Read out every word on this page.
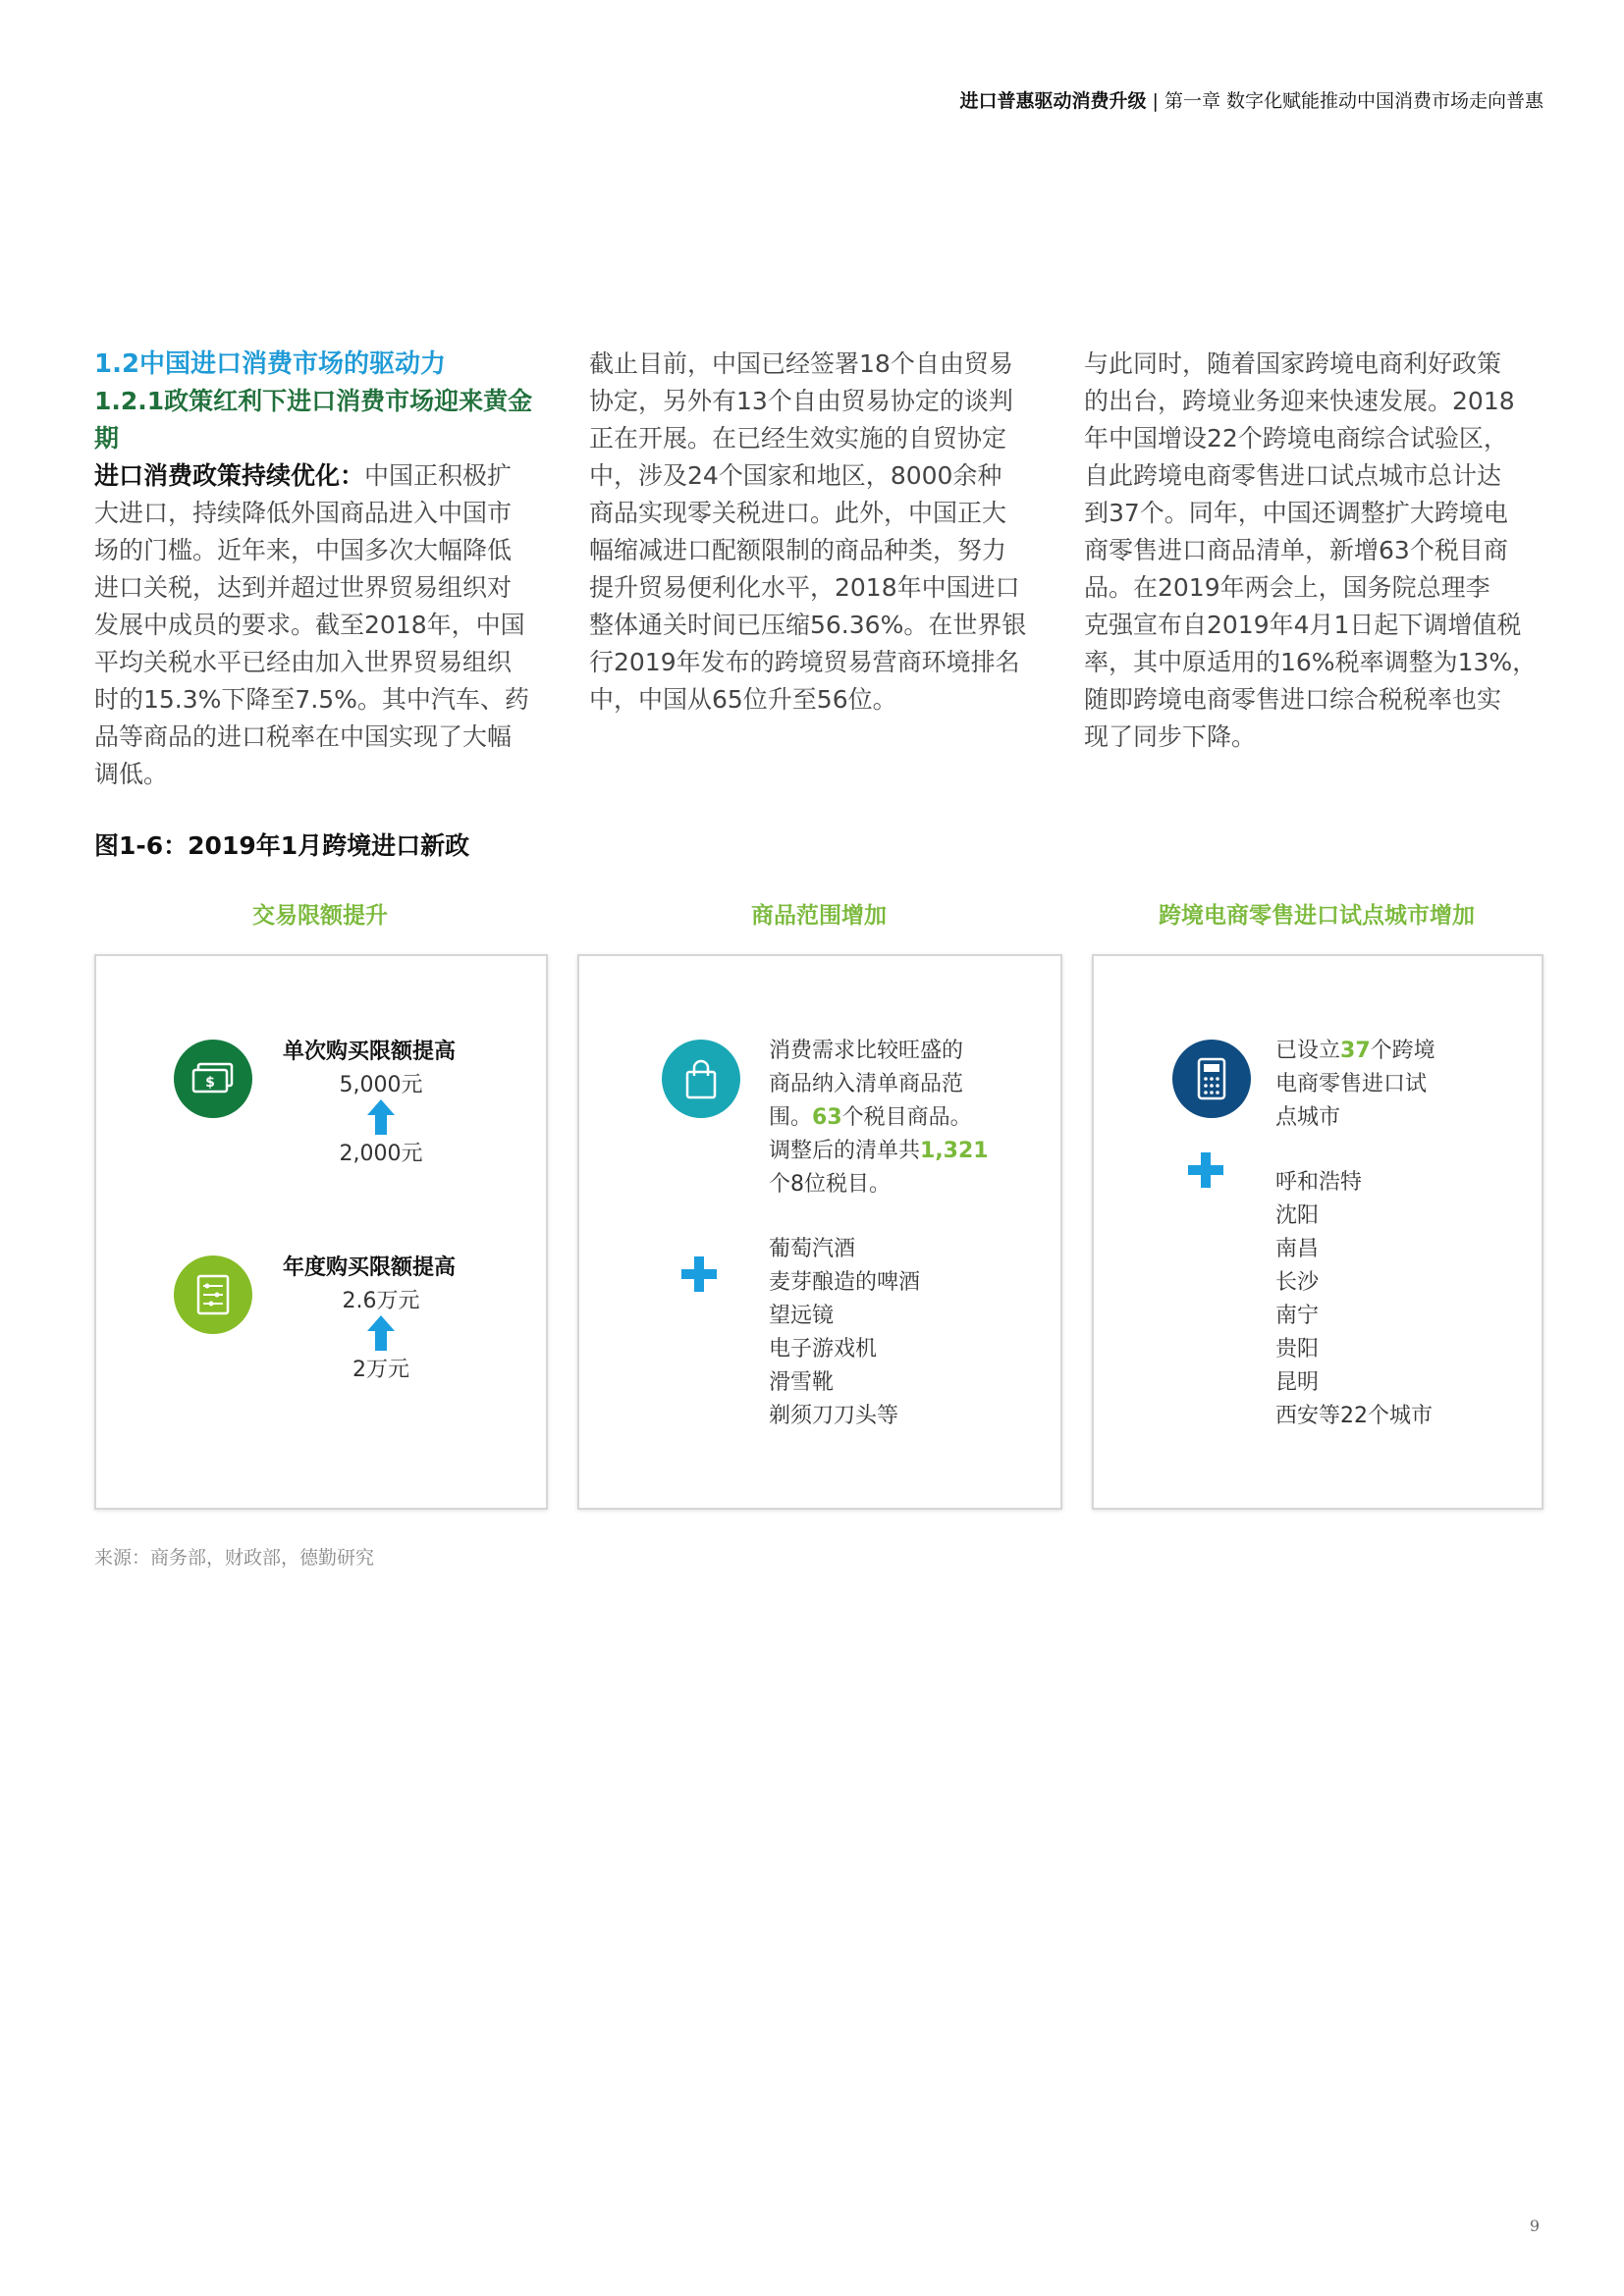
进口普惠驱动消费升级 | 第一章 数字化赋能推动中国消费市场走向普惠
1.2中国进口消费市场的驱动力
1.2.1政策红利下进口消费市场迎来黄金期
进口消费政策持续优化：中国正积极扩
大进口，持续降低外国商品进入中国市
场的门槛。近年来，中国多次大幅降低
进口关税，达到并超过世界贸易组织对
发展中成员的要求。截至2018年，中国
平均关税水平已经由加入世界贸易组织
时的15.3%下降至7.5%。其中汽车、药
品等商品的进口税率在中国实现了大幅
调低。
截止目前，中国已经签署18个自由贸易
协定，另外有13个自由贸易协定的谈判
正在开展。在已经生效实施的自贸协定
中，涉及24个国家和地区，8000余种
商品实现零关税进口。此外，中国正大
幅缩减进口配额限制的商品种类，努力
提升贸易便利化水平，2018年中国进口
整体通关时间已压缩56.36%。在世界银
行2019年发布的跨境贸易营商环境排名
中，中国从65位升至56位。
与此同时，随着国家跨境电商利好政策
的出台，跨境业务迎来快速发展。2018
年中国增设22个跨境电商综合试验区，
自此跨境电商零售进口试点城市总计达
到37个。同年，中国还调整扩大跨境电
商零售进口商品清单，新增63个税目商
品。在2019年两会上，国务院总理李
克强宣布自2019年4月1日起下调增值税
率，其中原适用的16%税率调整为13%，
随即跨境电商零售进口综合税税率也实
现了同步下降。
图1-6：2019年1月跨境进口新政
交易限额提升	商品范围增加	跨境电商零售进口试点城市增加
$
单次购买限额提高
5,000元
2,000元
年度购买限额提高
2.6万元
2万元
消费需求比较旺盛的
商品纳入清单商品范
围。63个税目商品。
调整后的清单共1,321
个8位税目。
葡萄汽酒
麦芽酿造的啤酒
望远镜
电子游戏机
滑雪靴
剃须刀刀头等
已设立37个跨境
电商零售进口试
点城市
呼和浩特
沈阳
南昌
长沙
南宁
贵阳
昆明
西安等22个城市
来源：商务部，财政部，德勤研究
9
